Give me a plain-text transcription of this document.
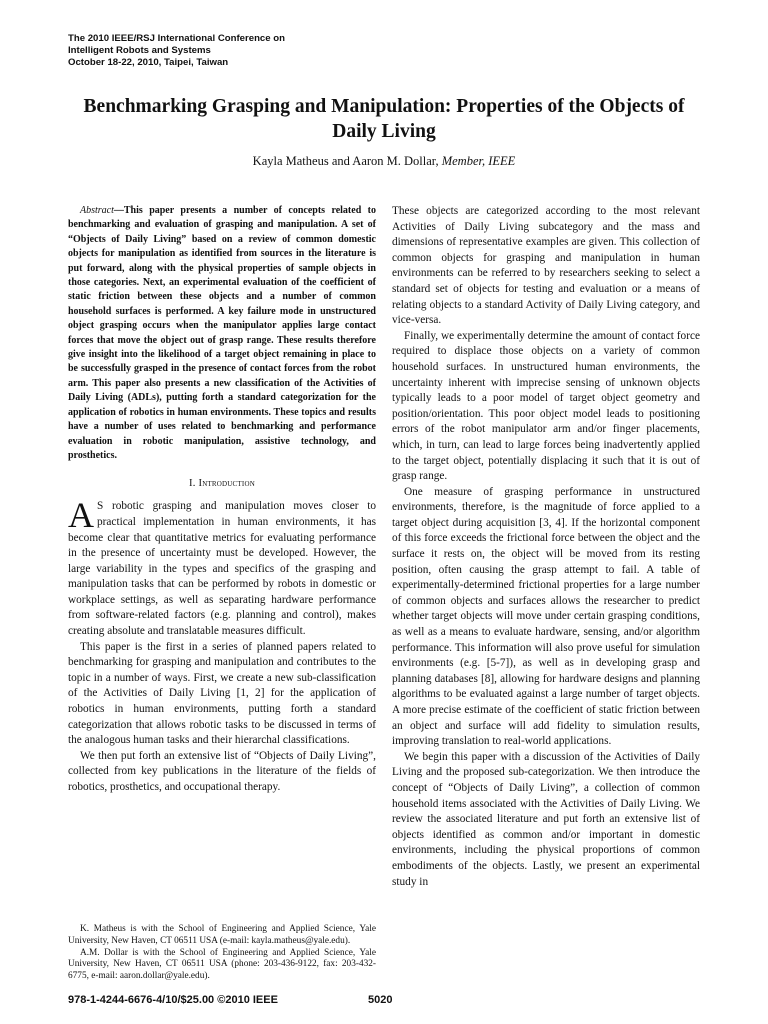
The 2010 IEEE/RSJ International Conference on
Intelligent Robots and Systems
October 18-22, 2010, Taipei, Taiwan
Benchmarking Grasping and Manipulation: Properties of the Objects of Daily Living
Kayla Matheus and Aaron M. Dollar, Member, IEEE

Abstract—This paper presents a number of concepts related to benchmarking and evaluation of grasping and manipulation. A set of “Objects of Daily Living” based on a review of common domestic objects for manipulation as identified from sources in the literature is put forward, along with the physical properties of sample objects in those categories. Next, an experimental evaluation of the coefficient of static friction between these objects and a number of common household surfaces is performed. A key failure mode in unstructured object grasping occurs when the manipulator applies large contact forces that move the object out of grasp range. These results therefore give insight into the likelihood of a target object remaining in place to be successfully grasped in the presence of contact forces from the robot arm. This paper also presents a new classification of the Activities of Daily Living (ADLs), putting forth a standard categorization for the application of robotics in human environments. These topics and results have a number of uses related to benchmarking and performance evaluation in robotic manipulation, assistive technology, and prosthetics.

I. Introduction

A S robotic grasping and manipulation moves closer to practical implementation in human environments, it has become clear that quantitative metrics for evaluating performance in the presence of uncertainty must be developed. However, the large variability in the types and specifics of the grasping and manipulation tasks that can be performed by robots in domestic or workplace settings, as well as separating hardware performance from software-related factors (e.g. planning and control), makes creating absolute and translatable measures difficult.

This paper is the first in a series of planned papers related to benchmarking for grasping and manipulation and contributes to the topic in a number of ways. First, we create a new sub-classification of the Activities of Daily Living [1, 2] for the application of robotics in human environments, putting forth a standard categorization that allows robotic tasks to be discussed in terms of the analogous human tasks and their hierarchal classifications.

We then put forth an extensive list of “Objects of Daily Living”, collected from key publications in the literature of the fields of robotics, prosthetics, and occupational therapy.

These objects are categorized according to the most relevant Activities of Daily Living subcategory and the mass and dimensions of representative examples are given. This collection of common objects for grasping and manipulation in human environments can be referred to by researchers seeking to select a standard set of objects for testing and evaluation or a means of relating objects to a standard Activity of Daily Living category, and vice-versa.

Finally, we experimentally determine the amount of contact force required to displace those objects on a variety of common household surfaces. In unstructured human environments, the uncertainty inherent with imprecise sensing of unknown objects typically leads to a poor model of target object geometry and position/orientation. This poor object model leads to positioning errors of the robot manipulator arm and/or finger placements, which, in turn, can lead to large forces being inadvertently applied to the target object, potentially displacing it such that it is out of grasp range.

One measure of grasping performance in unstructured environments, therefore, is the magnitude of force applied to a target object during acquisition [3, 4]. If the horizontal component of this force exceeds the frictional force between the object and the surface it rests on, the object will be moved from its resting position, often causing the grasp attempt to fail. A table of experimentally-determined frictional properties for a large number of common objects and surfaces allows the researcher to predict whether target objects will move under certain grasping conditions, as well as a means to evaluate hardware, sensing, and/or algorithm performance. This information will also prove useful for simulation environments (e.g. [5-7]), as well as in developing grasp and planning databases [8], allowing for hardware designs and planning algorithms to be evaluated against a large number of target objects. A more precise estimate of the coefficient of static friction between an object and surface will add fidelity to simulation results, improving translation to real-world applications.

We begin this paper with a discussion of the Activities of Daily Living and the proposed sub-categorization. We then introduce the concept of “Objects of Daily Living”, a collection of common household items associated with the Activities of Daily Living. We review the associated literature and put forth an extensive list of objects identified as common and/or important in domestic environments, including the physical proportions of common embodiments of the objects. Lastly, we present an experimental study in

K. Matheus is with the School of Engineering and Applied Science, Yale University, New Haven, CT 06511 USA (e-mail: kayla.matheus@yale.edu).

A.M. Dollar is with the School of Engineering and Applied Science, Yale University, New Haven, CT 06511 USA (phone: 203-436-9122, fax: 203-432-6775, e-mail: aaron.dollar@yale.edu).

978-1-4244-6676-4/10/$25.00 ©2010 IEEE	5020
